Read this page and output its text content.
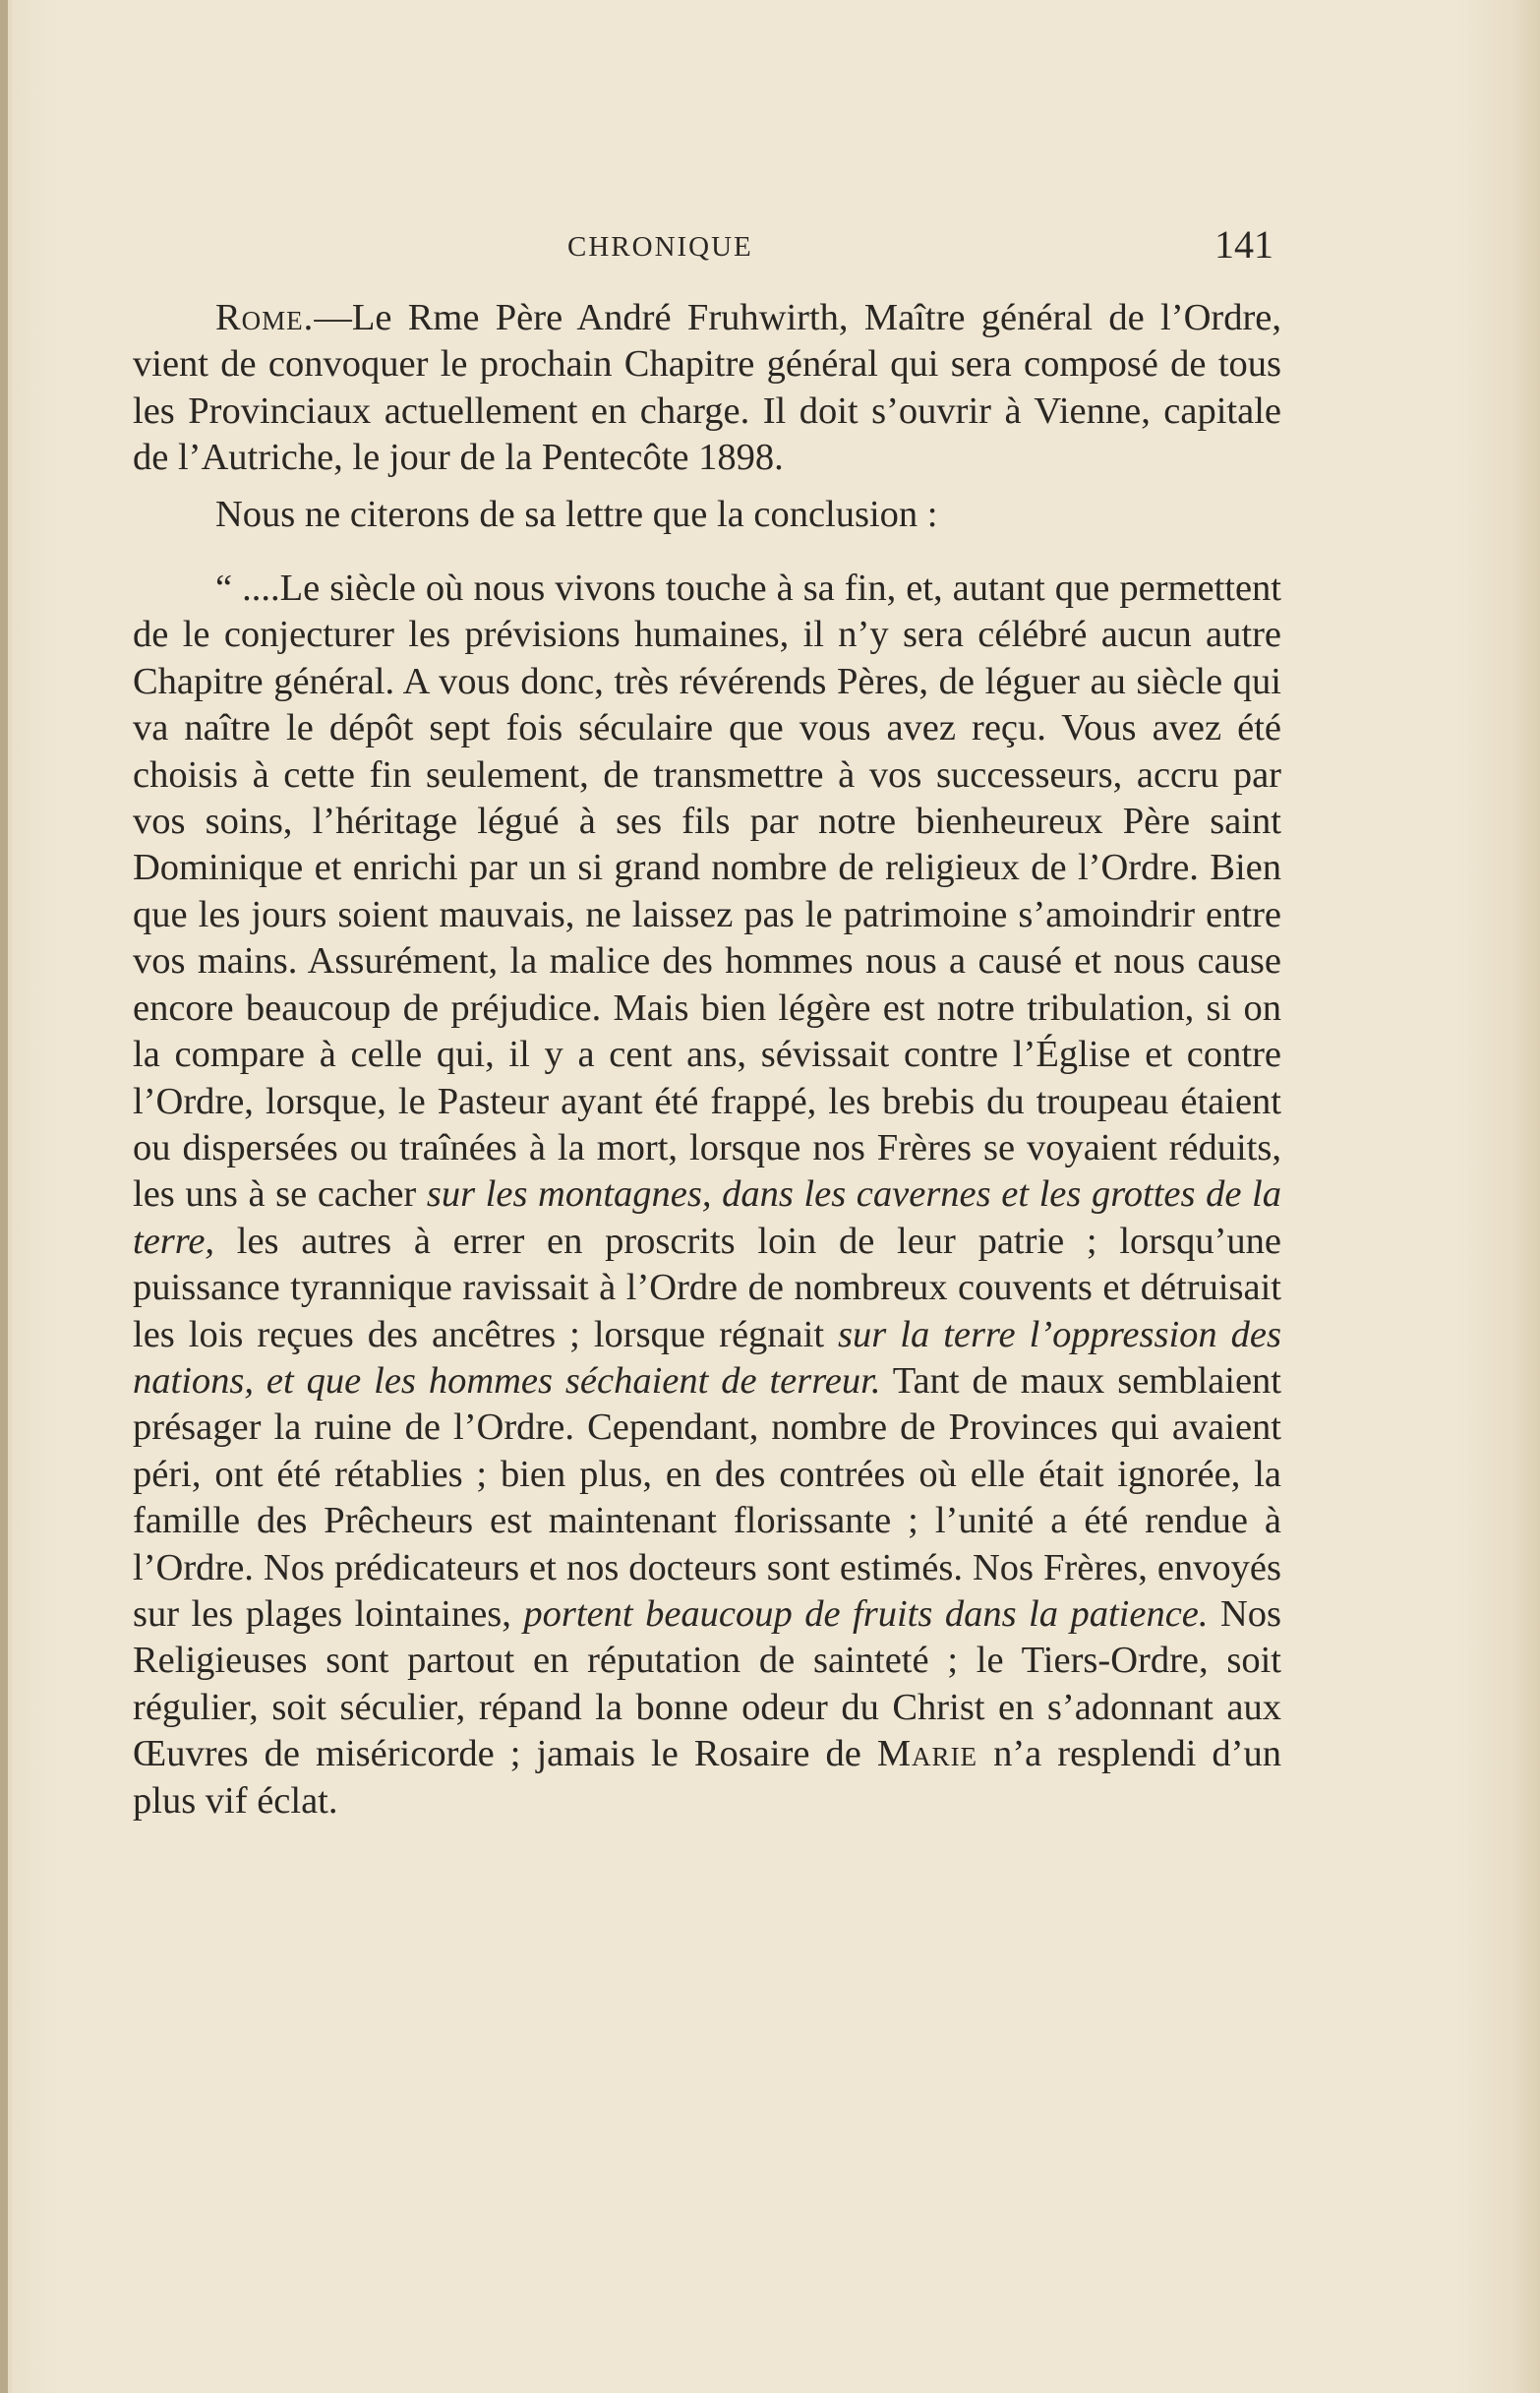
CHRONIQUE	141

Rome.—Le Rme Père André Fruhwirth, Maître général de l’Ordre, vient de convoquer le prochain Chapitre général qui sera composé de tous les Provinciaux actuellement en charge. Il doit s’ouvrir à Vienne, capitale de l’Autriche, le jour de la Pentecôte 1898.

Nous ne citerons de sa lettre que la conclusion :

“ ....Le siècle où nous vivons touche à sa fin, et, autant que permettent de le conjecturer les prévisions humaines, il n’y sera célébré aucun autre Chapitre général. A vous donc, très révérends Pères, de léguer au siècle qui va naître le dépôt sept fois séculaire que vous avez reçu. Vous avez été choisis à cette fin seulement, de transmettre à vos successeurs, accru par vos soins, l’héritage légué à ses fils par notre bienheureux Père saint Dominique et enrichi par un si grand nombre de religieux de l’Ordre. Bien que les jours soient mauvais, ne laissez pas le patrimoine s’amoindrir entre vos mains. Assurément, la malice des hommes nous a causé et nous cause encore beaucoup de préjudice. Mais bien légère est notre tribulation, si on la compare à celle qui, il y a cent ans, sévissait contre l’Église et contre l’Ordre, lorsque, le Pasteur ayant été frappé, les brebis du troupeau étaient ou dispersées ou traînées à la mort, lorsque nos Frères se voyaient réduits, les uns à se cacher sur les montagnes, dans les cavernes et les grottes de la terre, les autres à errer en proscrits loin de leur patrie ; lorsqu’une puissance tyrannique ravissait à l’Ordre de nombreux couvents et détruisait les lois reçues des ancêtres ; lorsque régnait sur la terre l’oppression des nations, et que les hommes séchaient de terreur. Tant de maux semblaient présager la ruine de l’Ordre. Cependant, nombre de Provinces qui avaient péri, ont été rétablies ; bien plus, en des contrées où elle était ignorée, la famille des Prêcheurs est maintenant florissante ; l’unité a été rendue à l’Ordre. Nos prédicateurs et nos docteurs sont estimés. Nos Frères, envoyés sur les plages lointaines, portent beaucoup de fruits dans la patience. Nos Religieuses sont partout en réputation de sainteté ; le Tiers-Ordre, soit régulier, soit séculier, répand la bonne odeur du Christ en s’adonnant aux Œuvres de miséricorde ; jamais le Rosaire de Marie n’a resplendi d’un plus vif éclat.
